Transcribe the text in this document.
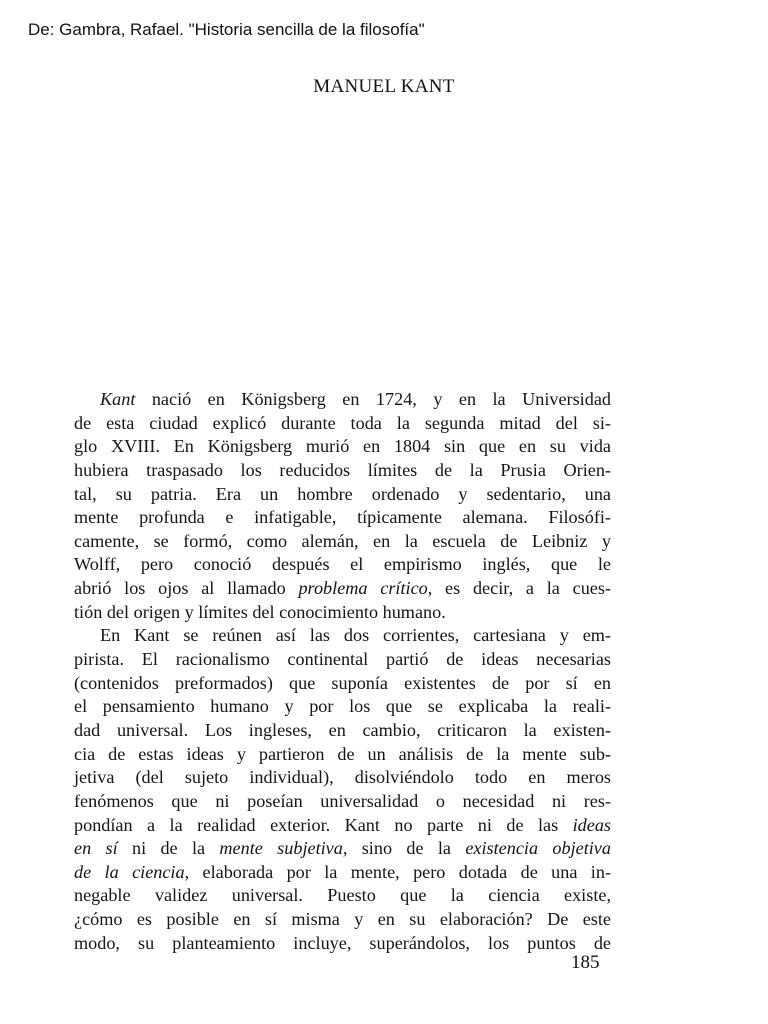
De: Gambra, Rafael. "Historia sencilla de la filosofía"
MANUEL KANT
Kant nació en Königsberg en 1724, y en la Universidad
de esta ciudad explicó durante toda la segunda mitad del si-
glo XVIII. En Königsberg murió en 1804 sin que en su vida
hubiera traspasado los reducidos límites de la Prusia Orien-
tal, su patria. Era un hombre ordenado y sedentario, una
mente profunda e infatigable, típicamente alemana. Filosófi-
camente, se formó, como alemán, en la escuela de Leibniz y
Wolff, pero conoció después el empirismo inglés, que le
abrió los ojos al llamado problema crítico, es decir, a la cues-
tión del origen y límites del conocimiento humano.
En Kant se reúnen así las dos corrientes, cartesiana y em-
pirista. El racionalismo continental partió de ideas necesarias
(contenidos preformados) que suponía existentes de por sí en
el pensamiento humano y por los que se explicaba la reali-
dad universal. Los ingleses, en cambio, criticaron la existen-
cia de estas ideas y partieron de un análisis de la mente sub-
jetiva (del sujeto individual), disolviéndolo todo en meros
fenómenos que ni poseían universalidad o necesidad ni res-
pondían a la realidad exterior. Kant no parte ni de las ideas
en sí ni de la mente subjetiva, sino de la existencia objetiva
de la ciencia, elaborada por la mente, pero dotada de una in-
negable validez universal. Puesto que la ciencia existe,
¿cómo es posible en sí misma y en su elaboración? De este
modo, su planteamiento incluye, superándolos, los puntos de
185
